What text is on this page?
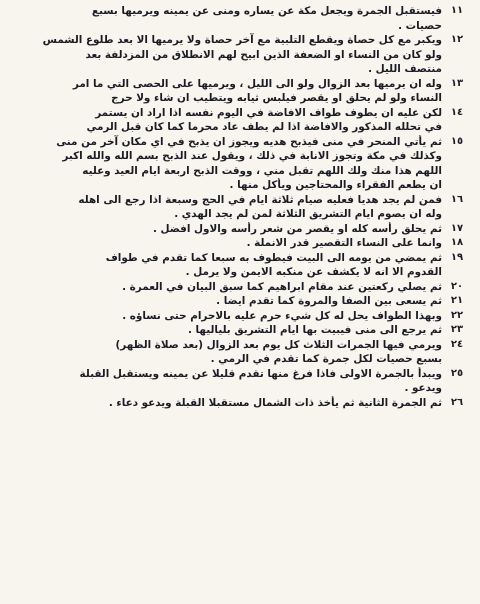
١١
فيستقبل الجمرة ويجعل مكة عن يساره ومنى عن يمينه ويرميها بسبع
حصيات .
١٢
ويكبر مع كل حصاة ويقطع التلبية مع آخر حصاة ولا يرميها الا بعد طلوع الشمس
ولو كان من النساء او الضعفة الذين ابيح لهم الانطلاق من المزدلفة بعد
منتصف الليل .
١٣
وله ان يرميها بعد الزوال ولو الى الليل ، ويرميها على الحصى التي ما امر
النساء ولو لم يحلق او يقصر فيلبس ثيابه ويتطيب ان شاء ولا حرج
١٤
لكن عليه ان يطوف طواف الافاضة في اليوم نفسه اذا اراد ان يستمر
في تحلله المذكور والافاضة اذا لم يطف عاد محرما كما كان قبل الرمي
١٥
ثم يأتي المنحر في منى فيذبح هديه ويجوز ان يذبح في اي مكان آخر من منى
وكذلك في مكة وتجوز الانابة في ذلك ، ويقول عند الذبح بسم الله والله اكبر
اللهم هذا منك ولك اللهم تقبل مني ، ووقت الذبح اربعة ايام العيد وعليه
ان يطعم الفقراء والمحتاجين ويأكل منها .
١٦
فمن لم يجد هديا فعليه صيام ثلاثة ايام في الحج وسبعة اذا رجع الى اهله
وله ان يصوم ايام التشريق الثلاثة لمن لم يجد الهدي .
١٧
ثم يحلق رأسه كله او يقصر من شعر رأسه والاول افضل .
١٨
وانما على النساء التقصير قدر الانملة .
١٩
ثم يمضي من يومه الى البيت فيطوف به سبعا كما تقدم في طواف
القدوم الا انه لا يكشف عن منكبه الايمن ولا يرمل .
٢٠
ثم يصلي ركعتين عند مقام ابراهيم كما سبق البيان في العمرة .
٢١
ثم يسعى بين الصفا والمروة كما تقدم ايضا .
٢٢
وبهذا الطواف يحل له كل شيء حرم عليه بالاحرام حتى نساؤه .
٢٣
ثم يرجع الى منى فيبيت بها ايام التشريق بلياليها .
٢٤
ويرمي فيها الجمرات الثلاث كل يوم بعد الزوال (بعد صلاة الظهر)
بسبع حصيات لكل جمرة كما تقدم في الرمي .
٢٥
ويبدأ بالجمرة الاولى فاذا فرغ منها تقدم قليلا عن يمينه ويستقبل القبلة
ويدعو .
٢٦
ثم الجمرة الثانية ثم يأخذ ذات الشمال مستقبلا القبلة ويدعو دعاء .
